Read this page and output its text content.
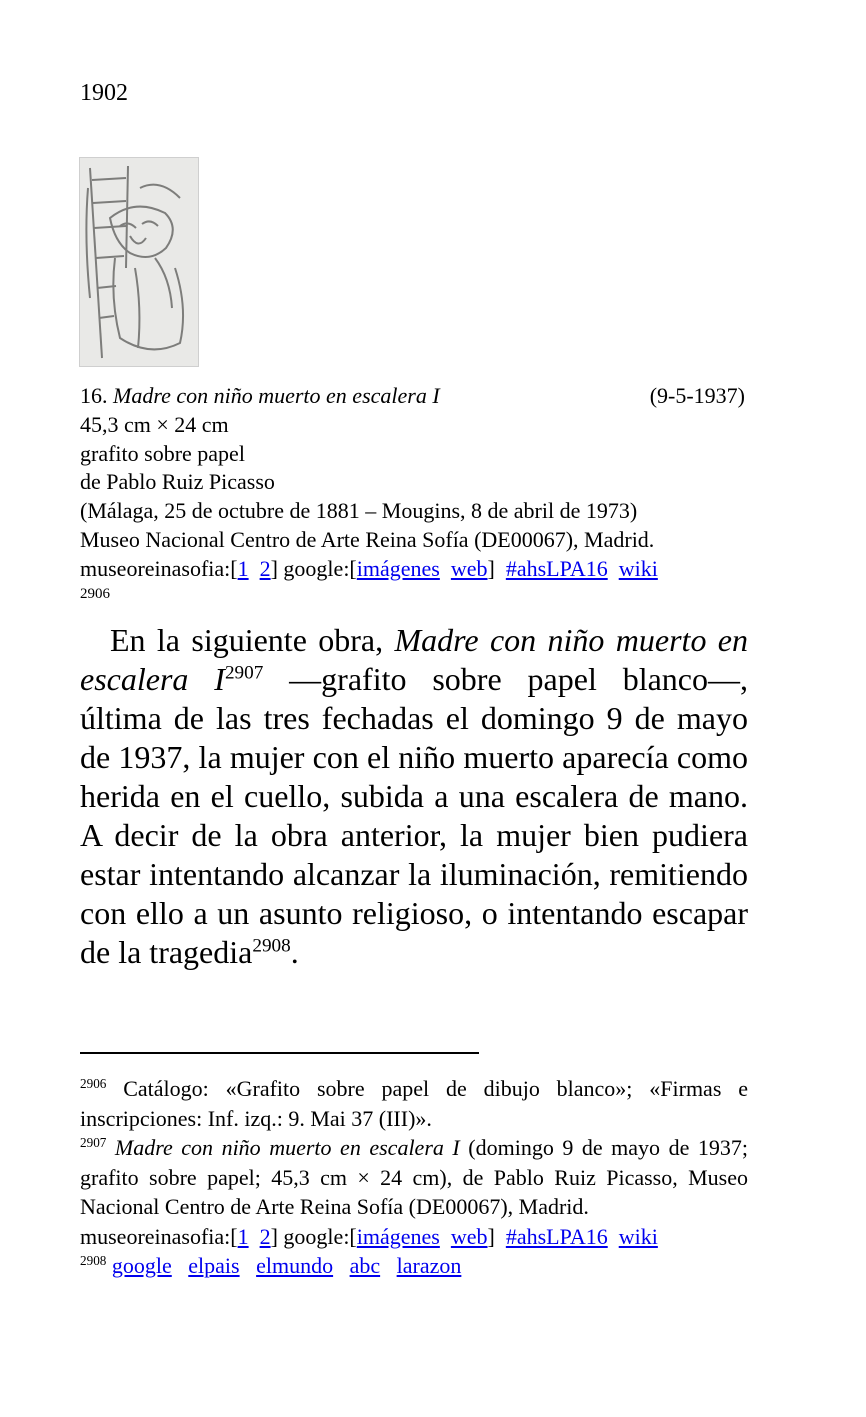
1902
16. Madre con niño muerto en escalera I	(9-5-1937)
45,3 cm × 24 cm
grafito sobre papel
de Pablo Ruiz Picasso
(Málaga, 25 de octubre de 1881 – Mougins, 8 de abril de 1973)
Museo Nacional Centro de Arte Reina Sofía (DE00067), Madrid.
museoreinasofia:[1 2] google:[imágenes web] #ahsLPA16 wiki
2906
En la siguiente obra, Madre con niño muerto en escalera $I^{2907}$ —grafito sobre papel blanco—, última de las tres fechadas el domingo 9 de mayo de 1937, la mujer con el niño muerto aparecía como herida en el cuello, subida a una escalera de mano. A decir de la obra anterior, la mujer bien pudiera estar intentando alcanzar la iluminación, remitiendo con ello a un asunto religioso, o intentando escapar de la tragedia$^{2908}$.
$^{2906}$ Catálogo: «Grafito sobre papel de dibujo blanco»; «Firmas e inscripciones: Inf. izq.: 9. Mai 37 (III)».
$^{2907}$ Madre con niño muerto en escalera I (domingo 9 de mayo de 1937; grafito sobre papel; 45,3 cm × 24 cm), de Pablo Ruiz Picasso, Museo Nacional Centro de Arte Reina Sofía (DE00067), Madrid.
museoreinasofia:[1 2] google:[imágenes web] #ahsLPA16 wiki
$^{2908}$ google elpais elmundo abc larazon
